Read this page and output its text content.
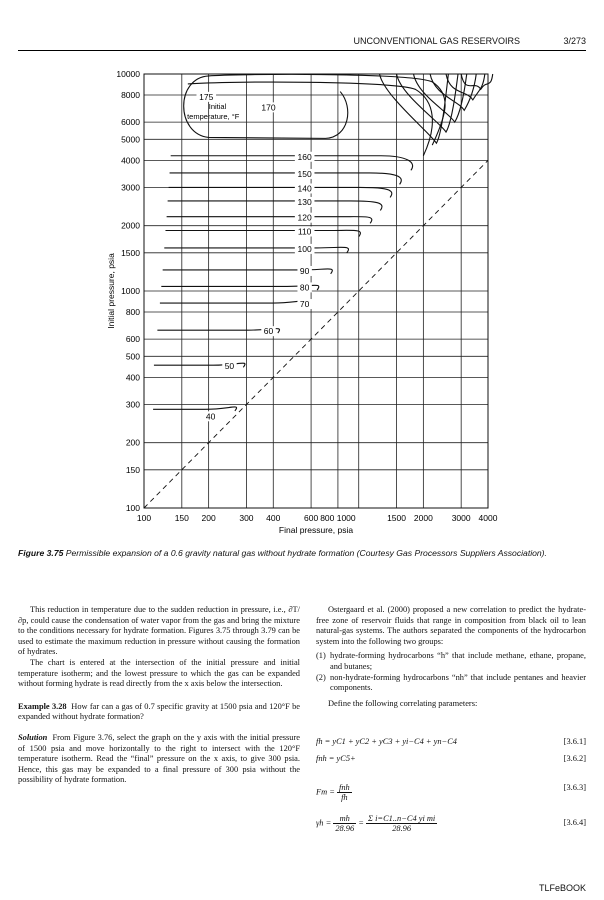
UNCONVENTIONAL GAS RESERVOIRS	3/273
100	150 200	300 400	600 800 1000	1500 2000 3000 4000
100
150
200
300
400
500
600
800
1000
1500
2000
3000
4000
5000
6000
8000
10000
Final pressure, psia
Initial pressure, psia
40
50
60
70
80
90
100
110
120
130
140
150
160
170
175
Initial
temperature, °F
Figure 3.75 Permissible expansion of a 0.6 gravity natural gas without hydrate formation (Courtesy Gas Processors Suppliers Association).

This reduction in temperature due to the sudden reduction in pressure, i.e., ∂T/∂p, could cause the condensation of water vapor from the gas and bring the mixture to the conditions necessary for hydrate formation. Figures 3.75 through 3.79 can be used to estimate the maximum reduction in pressure without causing the formation of hydrates.

The chart is entered at the intersection of the initial pressure and initial temperature isotherm; and the lowest pressure to which the gas can be expanded without forming hydrate is read directly from the x axis below the intersection.

Example 3.28 How far can a gas of 0.7 specific gravity at 1500 psia and 120°F be expanded without hydrate formation?

Solution From Figure 3.76, select the graph on the y axis with the initial pressure of 1500 psia and move horizontally to the right to intersect with the 120°F temperature isotherm. Read the “final” pressure on the x axis, to give 300 psia. Hence, this gas may be expanded to a final pressure of 300 psia without the possibility of hydrate formation.

Ostergaard et al. (2000) proposed a new correlation to predict the hydrate-free zone of reservoir fluids that range in composition from black oil to lean natural-gas systems. The authors separated the components of the hydrocarbon system into the following two groups:

(1) hydrate-forming hydrocarbons “h” that include methane, ethane, propane, and butanes;
(2) non-hydrate-forming hydrocarbons “nh” that include pentanes and heavier components.

Define the following correlating parameters:

fh = yC1 + yC2 + yC3 + yi−C4 + yn−C4	[3.6.1]
fnh = yC5+	[3.6.2]
$Fm = \frac{\text{fnh}}{fh}$	[3.6.3]
$\gamma h = \frac{mh}{28.96} = \frac{\text{Σ i=C1..n−C4 yi mi}}{28.96}$	[3.6.4]
TLFeBOOK
